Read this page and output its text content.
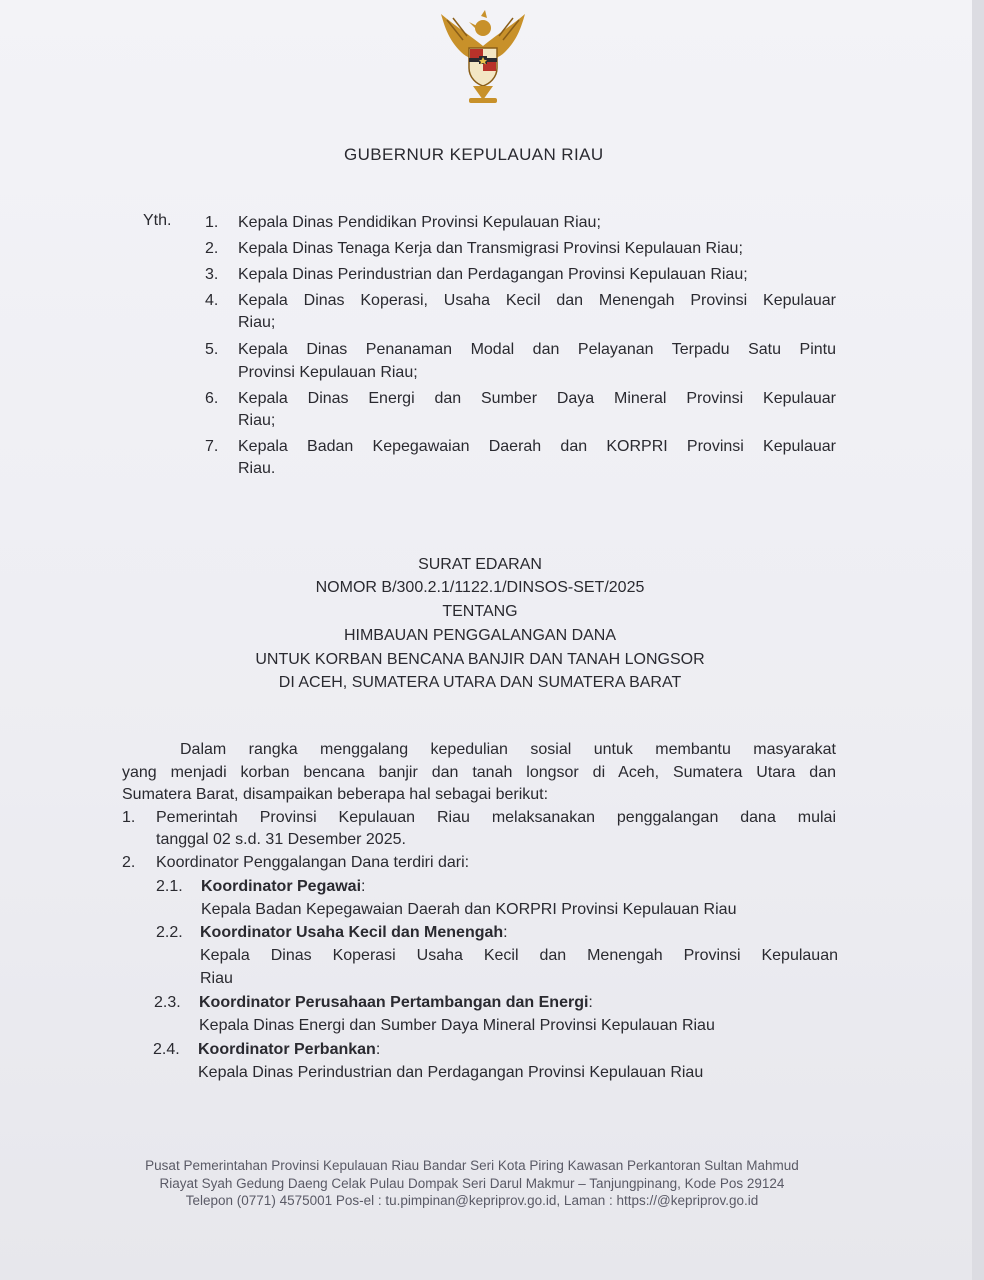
GUBERNUR KEPULAUAN RIAU
Yth. 1. Kepala Dinas Pendidikan Provinsi Kepulauan Riau;
2. Kepala Dinas Tenaga Kerja dan Transmigrasi Provinsi Kepulauan Riau;
3. Kepala Dinas Perindustrian dan Perdagangan Provinsi Kepulauan Riau;
4. Kepala Dinas Koperasi, Usaha Kecil dan Menengah Provinsi Kepulauar
Riau;
5. Kepala Dinas Penanaman Modal dan Pelayanan Terpadu Satu Pintu
Provinsi Kepulauan Riau;
6. Kepala Dinas Energi dan Sumber Daya Mineral Provinsi Kepulauar
Riau;
7. Kepala Badan Kepegawaian Daerah dan KORPRI Provinsi Kepulauar
Riau.
SURAT EDARAN
NOMOR B/300.2.1/1122.1/DINSOS-SET/2025
TENTANG
HIMBAUAN PENGGALANGAN DANA
UNTUK KORBAN BENCANA BANJIR DAN TANAH LONGSOR
DI ACEH, SUMATERA UTARA DAN SUMATERA BARAT
Dalam rangka menggalang kepedulian sosial untuk membantu masyarakat
yang menjadi korban bencana banjir dan tanah longsor di Aceh, Sumatera Utara dan
Sumatera Barat, disampaikan beberapa hal sebagai berikut:
1. Pemerintah Provinsi Kepulauan Riau melaksanakan penggalangan dana mulai
tanggal 02 s.d. 31 Desember 2025.
2. Koordinator Penggalangan Dana terdiri dari:
2.1. Koordinator Pegawai:
Kepala Badan Kepegawaian Daerah dan KORPRI Provinsi Kepulauan Riau
2.2. Koordinator Usaha Kecil dan Menengah:
Kepala Dinas Koperasi Usaha Kecil dan Menengah Provinsi Kepulauan
Riau
2.3. Koordinator Perusahaan Pertambangan dan Energi:
Kepala Dinas Energi dan Sumber Daya Mineral Provinsi Kepulauan Riau
2.4. Koordinator Perbankan:
Kepala Dinas Perindustrian dan Perdagangan Provinsi Kepulauan Riau
Pusat Pemerintahan Provinsi Kepulauan Riau Bandar Seri Kota Piring Kawasan Perkantoran Sultan Mahmud
Riayat Syah Gedung Daeng Celak Pulau Dompak Seri Darul Makmur – Tanjungpinang, Kode Pos 29124
Telepon (0771) 4575001 Pos-el : tu.pimpinan@kepriprov.go.id, Laman : https://@kepriprov.go.id
